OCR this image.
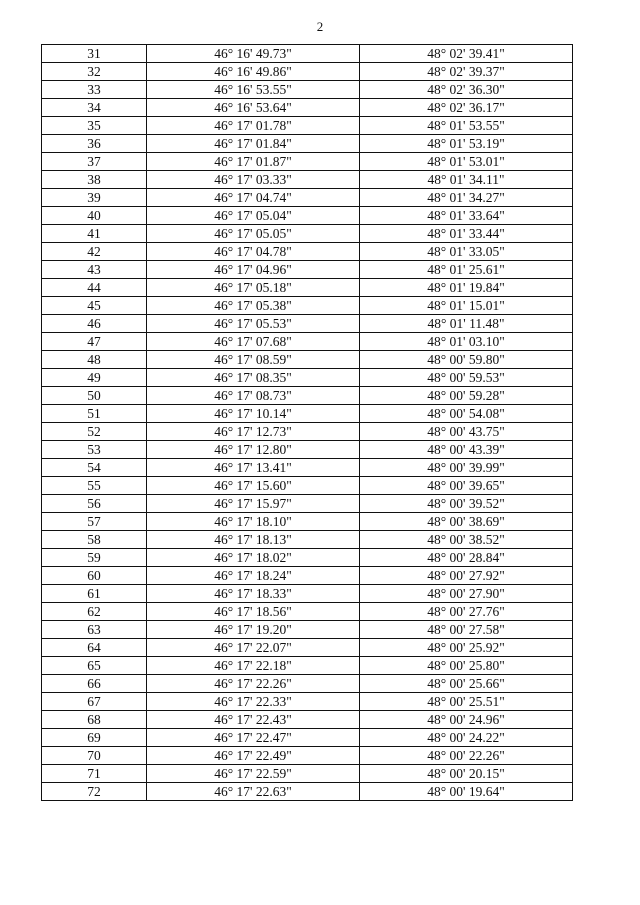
2
31	46° 16' 49.73"	48° 02' 39.41"
32	46° 16' 49.86"	48° 02' 39.37"
33	46° 16' 53.55"	48° 02' 36.30"
34	46° 16' 53.64"	48° 02' 36.17"
35	46° 17' 01.78"	48° 01' 53.55"
36	46° 17' 01.84"	48° 01' 53.19"
37	46° 17' 01.87"	48° 01' 53.01"
38	46° 17' 03.33"	48° 01' 34.11"
39	46° 17' 04.74"	48° 01' 34.27"
40	46° 17' 05.04"	48° 01' 33.64"
41	46° 17' 05.05"	48° 01' 33.44"
42	46° 17' 04.78"	48° 01' 33.05"
43	46° 17' 04.96"	48° 01' 25.61"
44	46° 17' 05.18"	48° 01' 19.84"
45	46° 17' 05.38"	48° 01' 15.01"
46	46° 17' 05.53"	48° 01' 11.48"
47	46° 17' 07.68"	48° 01' 03.10"
48	46° 17' 08.59"	48° 00' 59.80"
49	46° 17' 08.35"	48° 00' 59.53"
50	46° 17' 08.73"	48° 00' 59.28"
51	46° 17' 10.14"	48° 00' 54.08"
52	46° 17' 12.73"	48° 00' 43.75"
53	46° 17' 12.80"	48° 00' 43.39"
54	46° 17' 13.41"	48° 00' 39.99"
55	46° 17' 15.60"	48° 00' 39.65"
56	46° 17' 15.97"	48° 00' 39.52"
57	46° 17' 18.10"	48° 00' 38.69"
58	46° 17' 18.13"	48° 00' 38.52"
59	46° 17' 18.02"	48° 00' 28.84"
60	46° 17' 18.24"	48° 00' 27.92"
61	46° 17' 18.33"	48° 00' 27.90"
62	46° 17' 18.56"	48° 00' 27.76"
63	46° 17' 19.20"	48° 00' 27.58"
64	46° 17' 22.07"	48° 00' 25.92"
65	46° 17' 22.18"	48° 00' 25.80"
66	46° 17' 22.26"	48° 00' 25.66"
67	46° 17' 22.33"	48° 00' 25.51"
68	46° 17' 22.43"	48° 00' 24.96"
69	46° 17' 22.47"	48° 00' 24.22"
70	46° 17' 22.49"	48° 00' 22.26"
71	46° 17' 22.59"	48° 00' 20.15"
72	46° 17' 22.63"	48° 00' 19.64"
